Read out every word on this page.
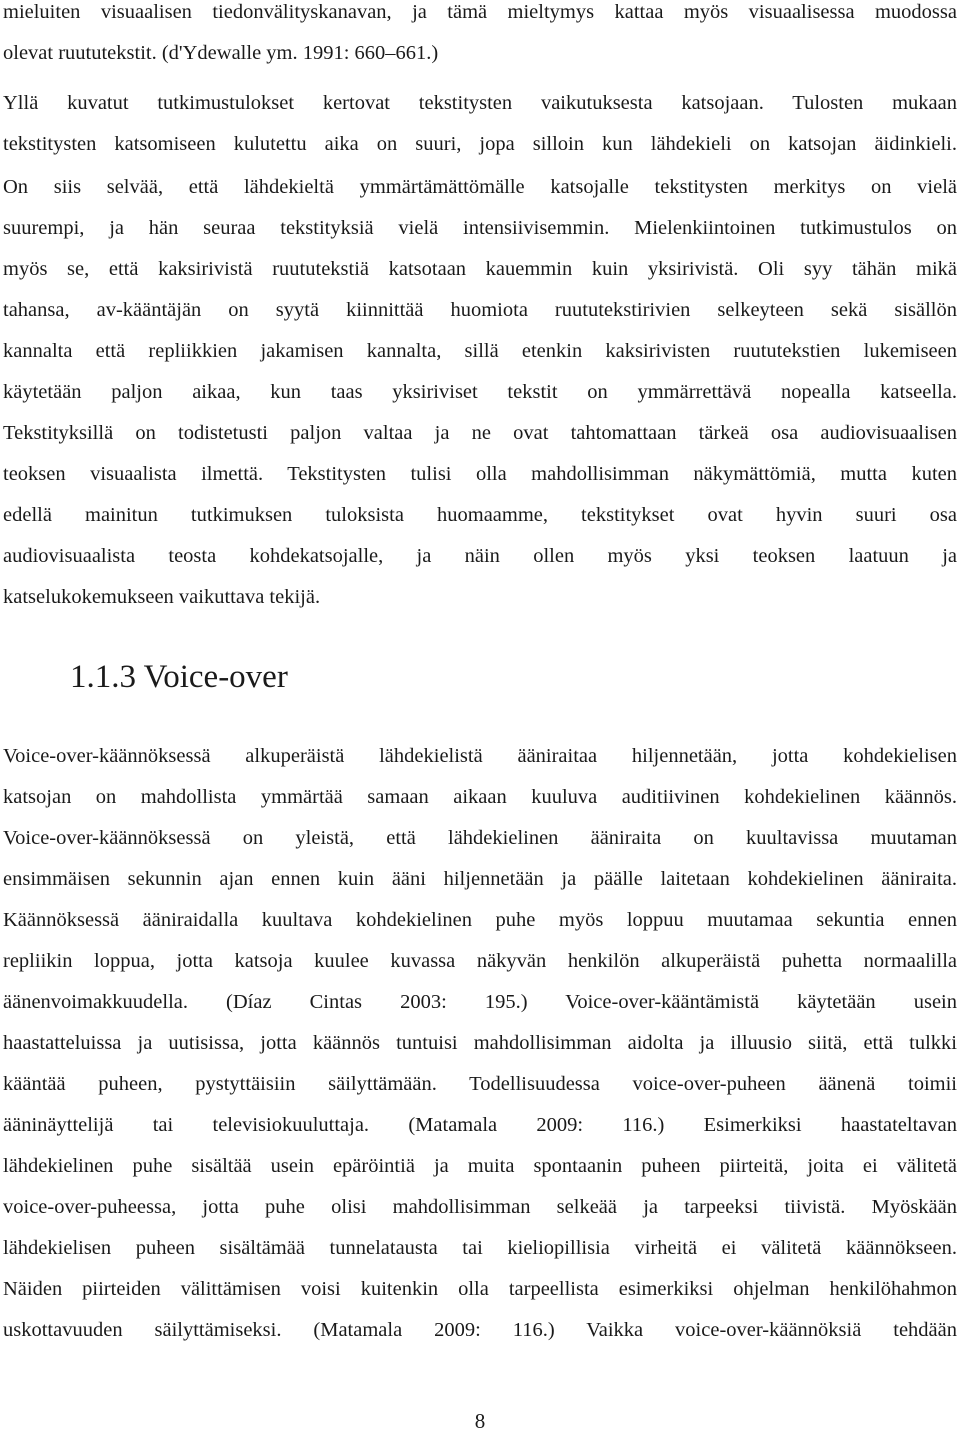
mieluiten visuaalisen tiedonvälityskanavan, ja tämä mieltymys kattaa myös visuaalisessa muodossa
olevat ruututekstit. (d'Ydewalle ym. 1991: 660–661.)
Yllä kuvatut tutkimustulokset kertovat tekstitysten vaikutuksesta katsojaan. Tulosten mukaan
tekstitysten katsomiseen kulutettu aika on suuri, jopa silloin kun lähdekieli on katsojan äidinkieli.
On siis selvää, että lähdekieltä ymmärtämättömälle katsojalle tekstitysten merkitys on vielä
suurempi, ja hän seuraa tekstityksiä vielä intensiivisemmin. Mielenkiintoinen tutkimustulos on
myös se, että kaksirivistä ruututekstiä katsotaan kauemmin kuin yksirivistä. Oli syy tähän mikä
tahansa, av-kääntäjän on syytä kiinnittää huomiota ruututekstirivien selkeyteen sekä sisällön
kannalta että repliikkien jakamisen kannalta, sillä etenkin kaksirivisten ruututekstien lukemiseen
käytetään paljon aikaa, kun taas yksiriviset tekstit on ymmärrettävä nopealla katseella.
Tekstityksillä on todistetusti paljon valtaa ja ne ovat tahtomattaan tärkeä osa audiovisuaalisen
teoksen visuaalista ilmettä. Tekstitysten tulisi olla mahdollisimman näkymättömiä, mutta kuten
edellä mainitun tutkimuksen tuloksista huomaamme, tekstitykset ovat hyvin suuri osa
audiovisuaalista teosta kohdekatsojalle, ja näin ollen myös yksi teoksen laatuun ja
katselukokemukseen vaikuttava tekijä.
1.1.3 Voice-over
Voice-over-käännöksessä alkuperäistä lähdekielistä ääniraitaa hiljennetään, jotta kohdekielisen
katsojan on mahdollista ymmärtää samaan aikaan kuuluva auditiivinen kohdekielinen käännös.
Voice-over-käännöksessä on yleistä, että lähdekielinen ääniraita on kuultavissa muutaman
ensimmäisen sekunnin ajan ennen kuin ääni hiljennetään ja päälle laitetaan kohdekielinen ääniraita.
Käännöksessä ääniraidalla kuultava kohdekielinen puhe myös loppuu muutamaa sekuntia ennen
repliikin loppua, jotta katsoja kuulee kuvassa näkyvän henkilön alkuperäistä puhetta normaalilla
äänenvoimakkuudella. (Díaz Cintas 2003: 195.) Voice-over-kääntämistä käytetään usein
haastatteluissa ja uutisissa, jotta käännös tuntuisi mahdollisimman aidolta ja illuusio siitä, että tulkki
kääntää puheen, pystyttäisiin säilyttämään. Todellisuudessa voice-over-puheen äänenä toimii
ääninäyttelijä tai televisiokuuluttaja. (Matamala 2009: 116.) Esimerkiksi haastateltavan
lähdekielinen puhe sisältää usein epäröintiä ja muita spontaanin puheen piirteitä, joita ei välitetä
voice-over-puheessa, jotta puhe olisi mahdollisimman selkeää ja tarpeeksi tiivistä. Myöskään
lähdekielisen puheen sisältämää tunnelatausta tai kieliopillisia virheitä ei välitetä käännökseen.
Näiden piirteiden välittämisen voisi kuitenkin olla tarpeellista esimerkiksi ohjelman henkilöhahmon
uskottavuuden säilyttämiseksi. (Matamala 2009: 116.) Vaikka voice-over-käännöksiä tehdään
8
